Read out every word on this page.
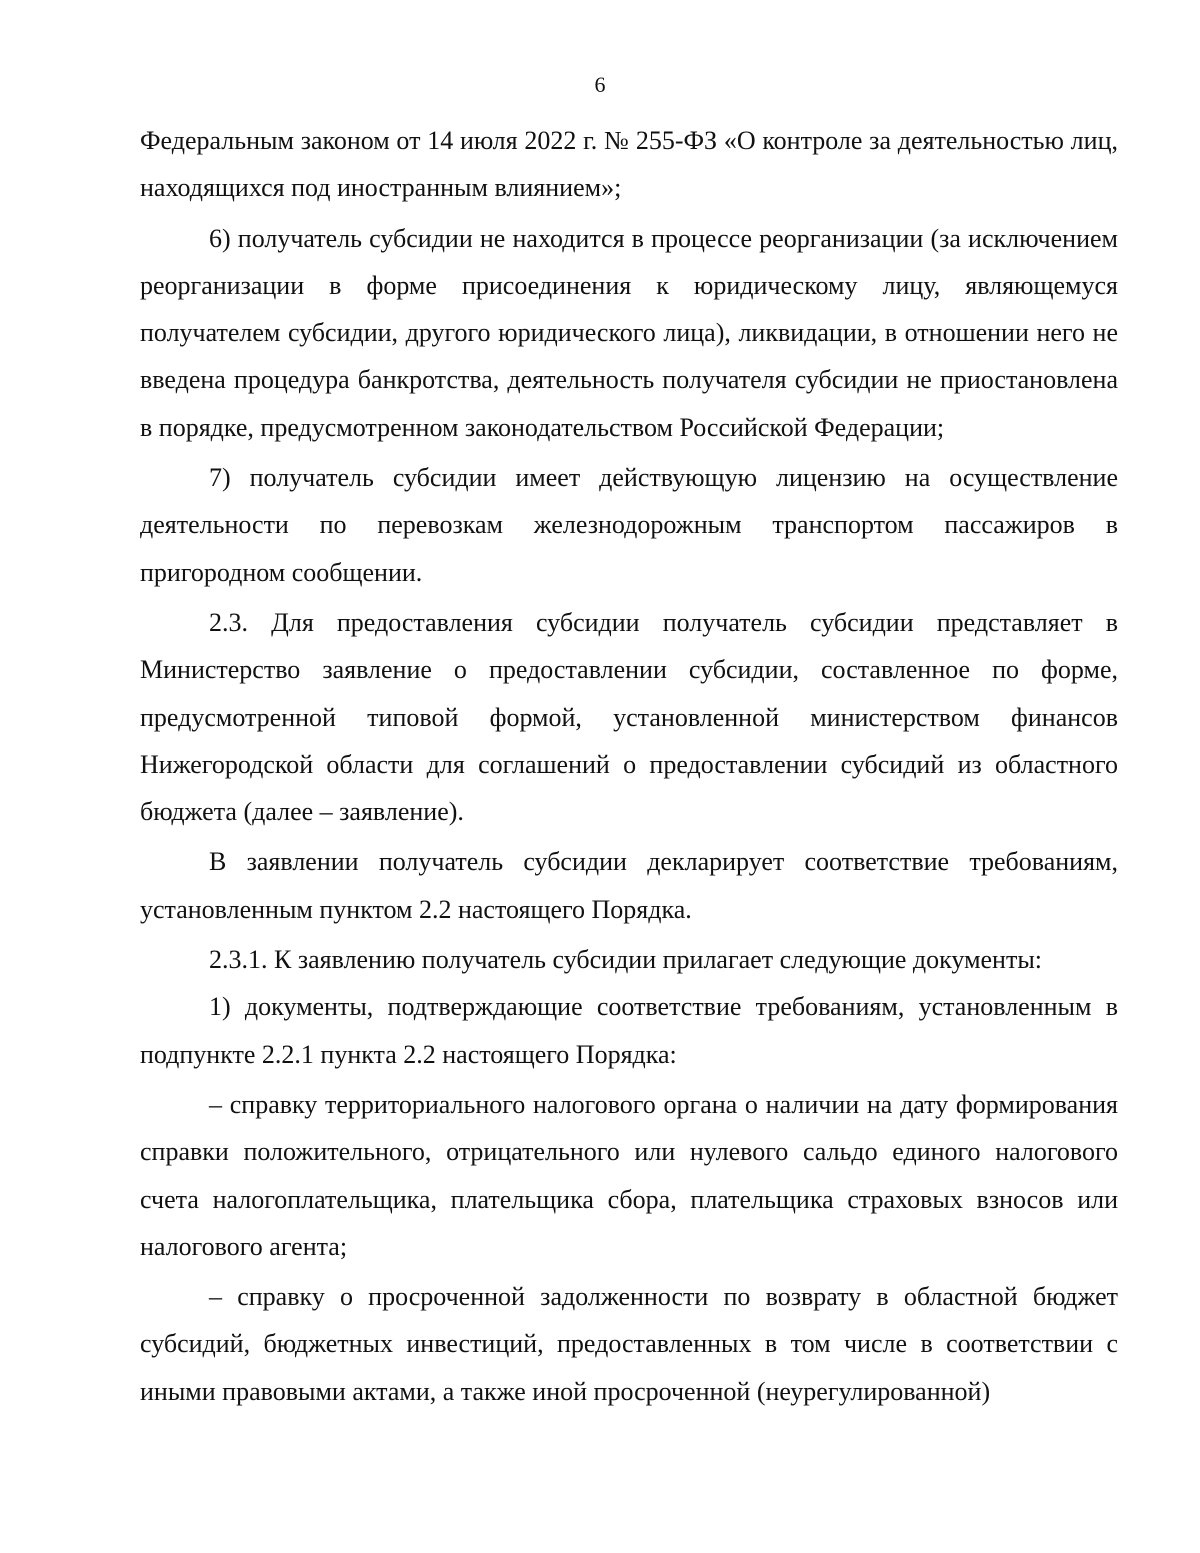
6

Федеральным законом от 14 июля 2022 г. № 255-ФЗ «О контроле за деятельностью лиц, находящихся под иностранным влиянием»;

6) получатель субсидии не находится в процессе реорганизации (за исключением реорганизации в форме присоединения к юридическому лицу, являющемуся получателем субсидии, другого юридического лица), ликвидации, в отношении него не введена процедура банкротства, деятельность получателя субсидии не приостановлена в порядке, предусмотренном законодательством Российской Федерации;

7) получатель субсидии имеет действующую лицензию на осуществление деятельности по перевозкам железнодорожным транспортом пассажиров в пригородном сообщении.

2.3. Для предоставления субсидии получатель субсидии представляет в Министерство заявление о предоставлении субсидии, составленное по форме, предусмотренной типовой формой, установленной министерством финансов Нижегородской области для соглашений о предоставлении субсидий из областного бюджета (далее – заявление).

В заявлении получатель субсидии декларирует соответствие требованиям, установленным пунктом 2.2 настоящего Порядка.

2.3.1. К заявлению получатель субсидии прилагает следующие документы:

1) документы, подтверждающие соответствие требованиям, установленным в подпункте 2.2.1 пункта 2.2 настоящего Порядка:

– справку территориального налогового органа о наличии на дату формирования справки положительного, отрицательного или нулевого сальдо единого налогового счета налогоплательщика, плательщика сбора, плательщика страховых взносов или налогового агента;

– справку о просроченной задолженности по возврату в областной бюджет субсидий, бюджетных инвестиций, предоставленных в том числе в соответствии с иными правовыми актами, а также иной просроченной (неурегулированной)
